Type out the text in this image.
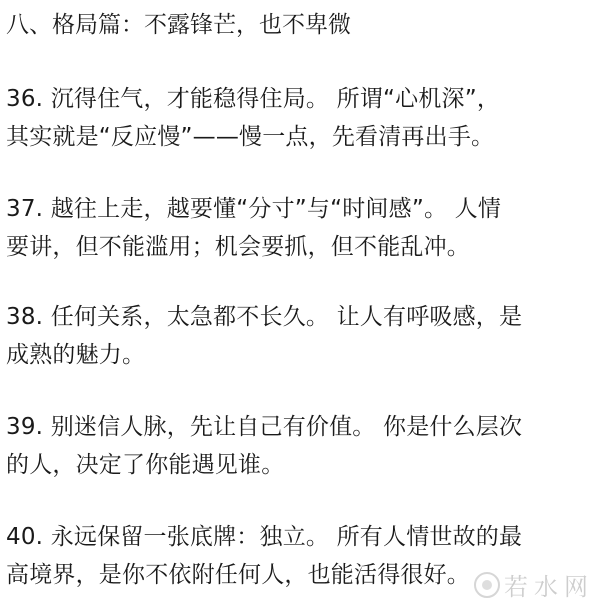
八、格局篇：不露锋芒，也不卑微
36. 沉得住气，才能稳得住局。 所谓“心机深”，
其实就是“反应慢”——慢一点，先看清再出手。
37. 越往上走，越要懂“分寸”与“时间感”。 人情
要讲，但不能滥用；机会要抓，但不能乱冲。
38. 任何关系，太急都不长久。 让人有呼吸感，是
成熟的魅力。
39. 别迷信人脉，先让自己有价值。 你是什么层次
的人，决定了你能遇见谁。
40. 永远保留一张底牌：独立。 所有人情世故的最
高境界，是你不依附任何人，也能活得很好。	若水网
